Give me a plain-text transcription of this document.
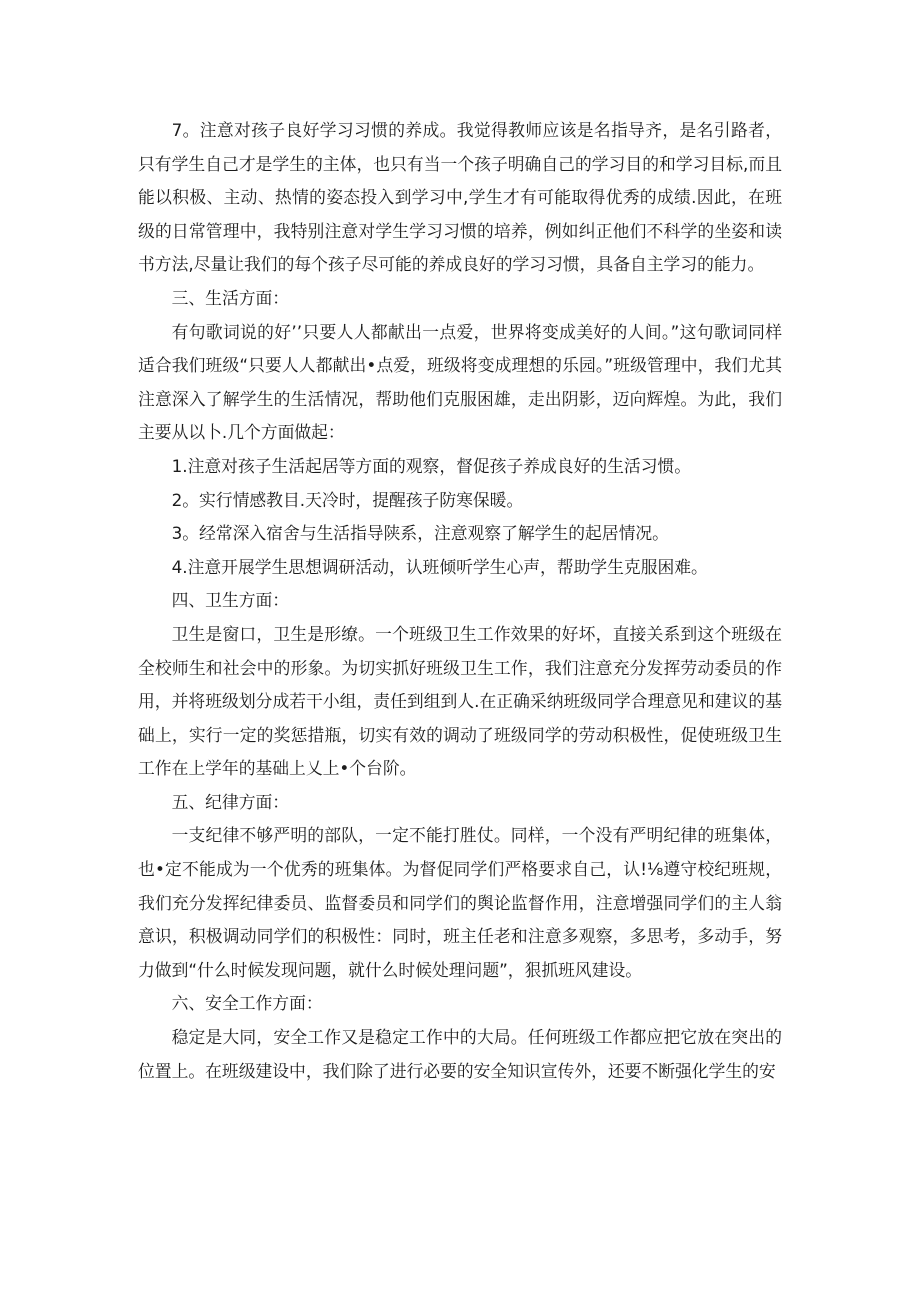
7。注意对孩子良好学习习惯的养成。我觉得教师应该是名指导齐，是名引路者，只有学生自己才是学生的主体，也只有当一个孩子明确自己的学习目的和学习目标,而且能以积极、主动、热情的姿态投入到学习中,学生才有可能取得优秀的成绩.因此，在班级的日常管理中，我特别注意对学生学习习惯的培养，例如纠正他们不科学的坐姿和读书方法,尽量让我们的每个孩子尽可能的养成良好的学习习惯，具备自主学习的能力。

三、生活方面：

有句歌词说的好’’只要人人都献出一点爱，世界将变成美好的人间。”这句歌词同样适合我们班级“只要人人都献出•点爱，班级将变成理想的乐园。”班级管理中，我们尤其注意深入了解学生的生活情况，帮助他们克服困雄，走出阴影，迈向辉煌。为此，我们主要从以卜.几个方面做起：

1.注意对孩子生活起居等方面的观察，督促孩子养成良好的生活习惯。

2。实行情感教目.天冷时，提醒孩子防寒保暖。

3。经常深入宿舍与生活指导陕系，注意观察了解学生的起居情况。

4.注意开展学生思想调研活动，认班倾听学生心声，帮助学生克服困难。

四、卫生方面：

卫生是窗口，卫生是形缭。一个班级卫生工作效果的好坏，直接关系到这个班级在全校师生和社会中的形象。为切实抓好班级卫生工作，我们注意充分发挥劳动委员的作用，并将班级划分成若干小组，责任到组到人.在正确采纳班级同学合理意见和建议的基础上，实行一定的奖惩措瓶，切实有效的调动了班级同学的劳动积极性，促使班级卫生工作在上学年的基础上乂上•个台阶。

五、纪律方面：

一支纪律不够严明的部队，一定不能打胜仗。同样，一个没有严明纪律的班集体，也•定不能成为一个优秀的班集体。为督促同学们严格要求自己，认!⅛遵守校纪班规，我们充分发挥纪律委员、监督委员和同学们的舆论监督作用，注意增强同学们的主人翁意识，积极调动同学们的积极性：同时，班主任老和注意多观察，多思考，多动手，努力做到“什么时候发现问题，就什么时候处理问题”，狠抓班风建设。

六、安全工作方面：

稳定是大同，安全工作又是稳定工作中的大局。任何班级工作都应把它放在突出的位置上。在班级建设中，我们除了进行必要的安全知识宣传外，还要不断强化学生的安
